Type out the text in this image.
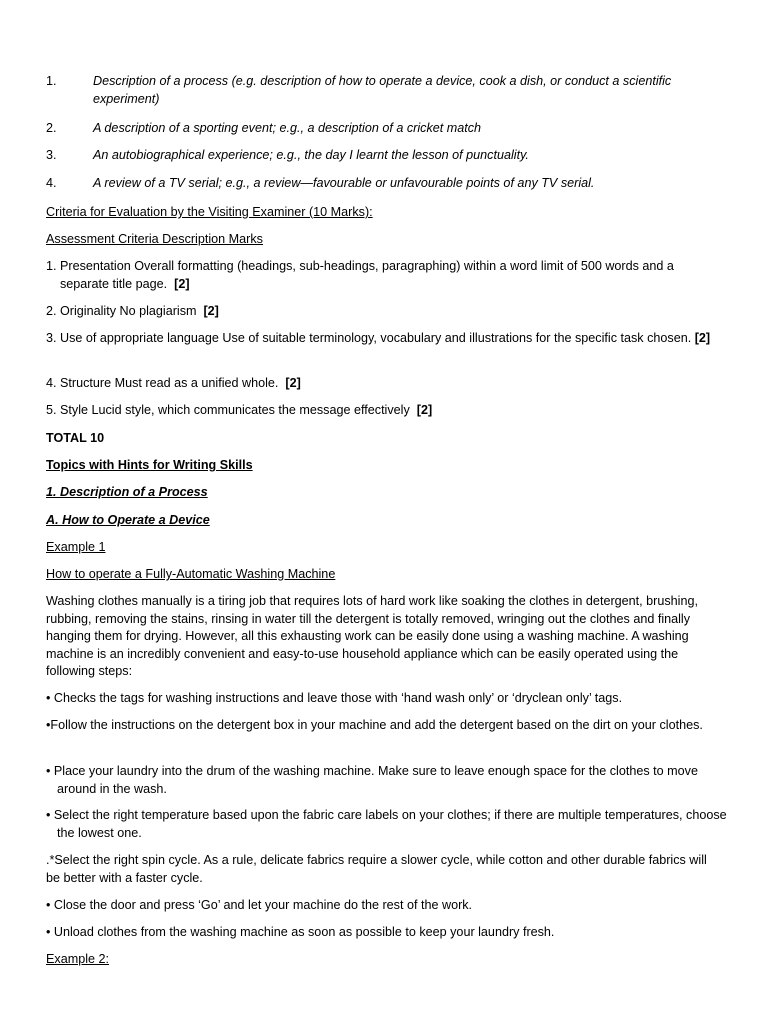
1.	Description of a process (e.g. description of how to operate a device, cook a dish, or conduct a scientific experiment)
2.	A description of a sporting event; e.g., a description of a cricket match
3.	An autobiographical experience; e.g., the day I learnt the lesson of punctuality.
4.	A review of a TV serial; e.g., a review—favourable or unfavourable points of any TV serial.
Criteria for Evaluation by the Visiting Examiner (10 Marks):
Assessment Criteria Description Marks
1. Presentation Overall formatting (headings, sub-headings, paragraphing) within a word limit of 500 words and a separate title page. [2]
2. Originality No plagiarism [2]
3. Use of appropriate language Use of suitable terminology, vocabulary and illustrations for the specific task chosen. [2]
4. Structure Must read as a unified whole. [2]
5. Style Lucid style, which communicates the message effectively [2]
TOTAL 10
Topics with Hints for Writing Skills
1. Description of a Process
A. How to Operate a Device
Example 1
How to operate a Fully-Automatic Washing Machine
Washing clothes manually is a tiring job that requires lots of hard work like soaking the clothes in detergent, brushing, rubbing, removing the stains, rinsing in water till the detergent is totally removed, wringing out the clothes and finally hanging them for drying. However, all this exhausting work can be easily done using a washing machine. A washing machine is an incredibly convenient and easy-to-use household appliance which can be easily operated using the following steps:
• Checks the tags for washing instructions and leave those with ‘hand wash only’ or ‘dryclean only’ tags.
•Follow the instructions on the detergent box in your machine and add the detergent based on the dirt on your clothes.
• Place your laundry into the drum of the washing machine. Make sure to leave enough space for the clothes to move around in the wash.
• Select the right temperature based upon the fabric care labels on your clothes; if there are multiple temperatures, choose the lowest one.
.*Select the right spin cycle. As a rule, delicate fabrics require a slower cycle, while cotton and other durable fabrics will be better with a faster cycle.
• Close the door and press ‘Go’ and let your machine do the rest of the work.
• Unload clothes from the washing machine as soon as possible to keep your laundry fresh.
Example 2:
